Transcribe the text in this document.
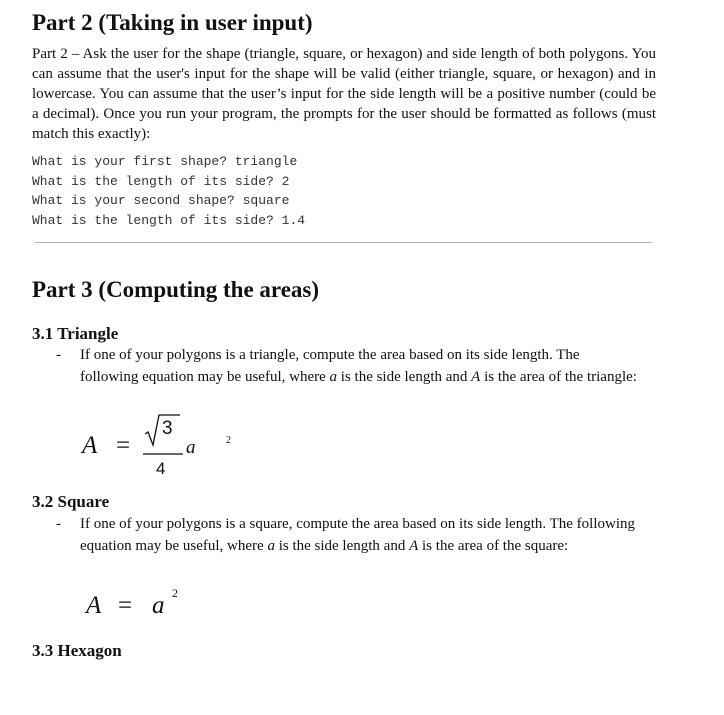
Part 2 (Taking in user input)

Part 2 – Ask the user for the shape (triangle, square, or hexagon) and side length of both polygons. You can assume that the user's input for the shape will be valid (either triangle, square, or hexagon) and in lowercase. You can assume that the user’s input for the side length will be a positive number (could be a decimal). Once you run your program, the prompts for the user should be formatted as follows (must match this exactly):

What is your first shape? triangle
What is the length of its side? 2
What is your second shape? square
What is the length of its side? 1.4
Part 3 (Computing the areas)
3.1 Triangle
- If one of your polygons is a triangle, compute the area based on its side length. The following equation may be useful, where a is the side length and A is the area of the triangle:
A =
3
4
a	2
3.2 Square
- If one of your polygons is a square, compute the area based on its side length. The following equation may be useful, where a is the side length and A is the area of the square:
A = a 2
3.3 Hexagon
